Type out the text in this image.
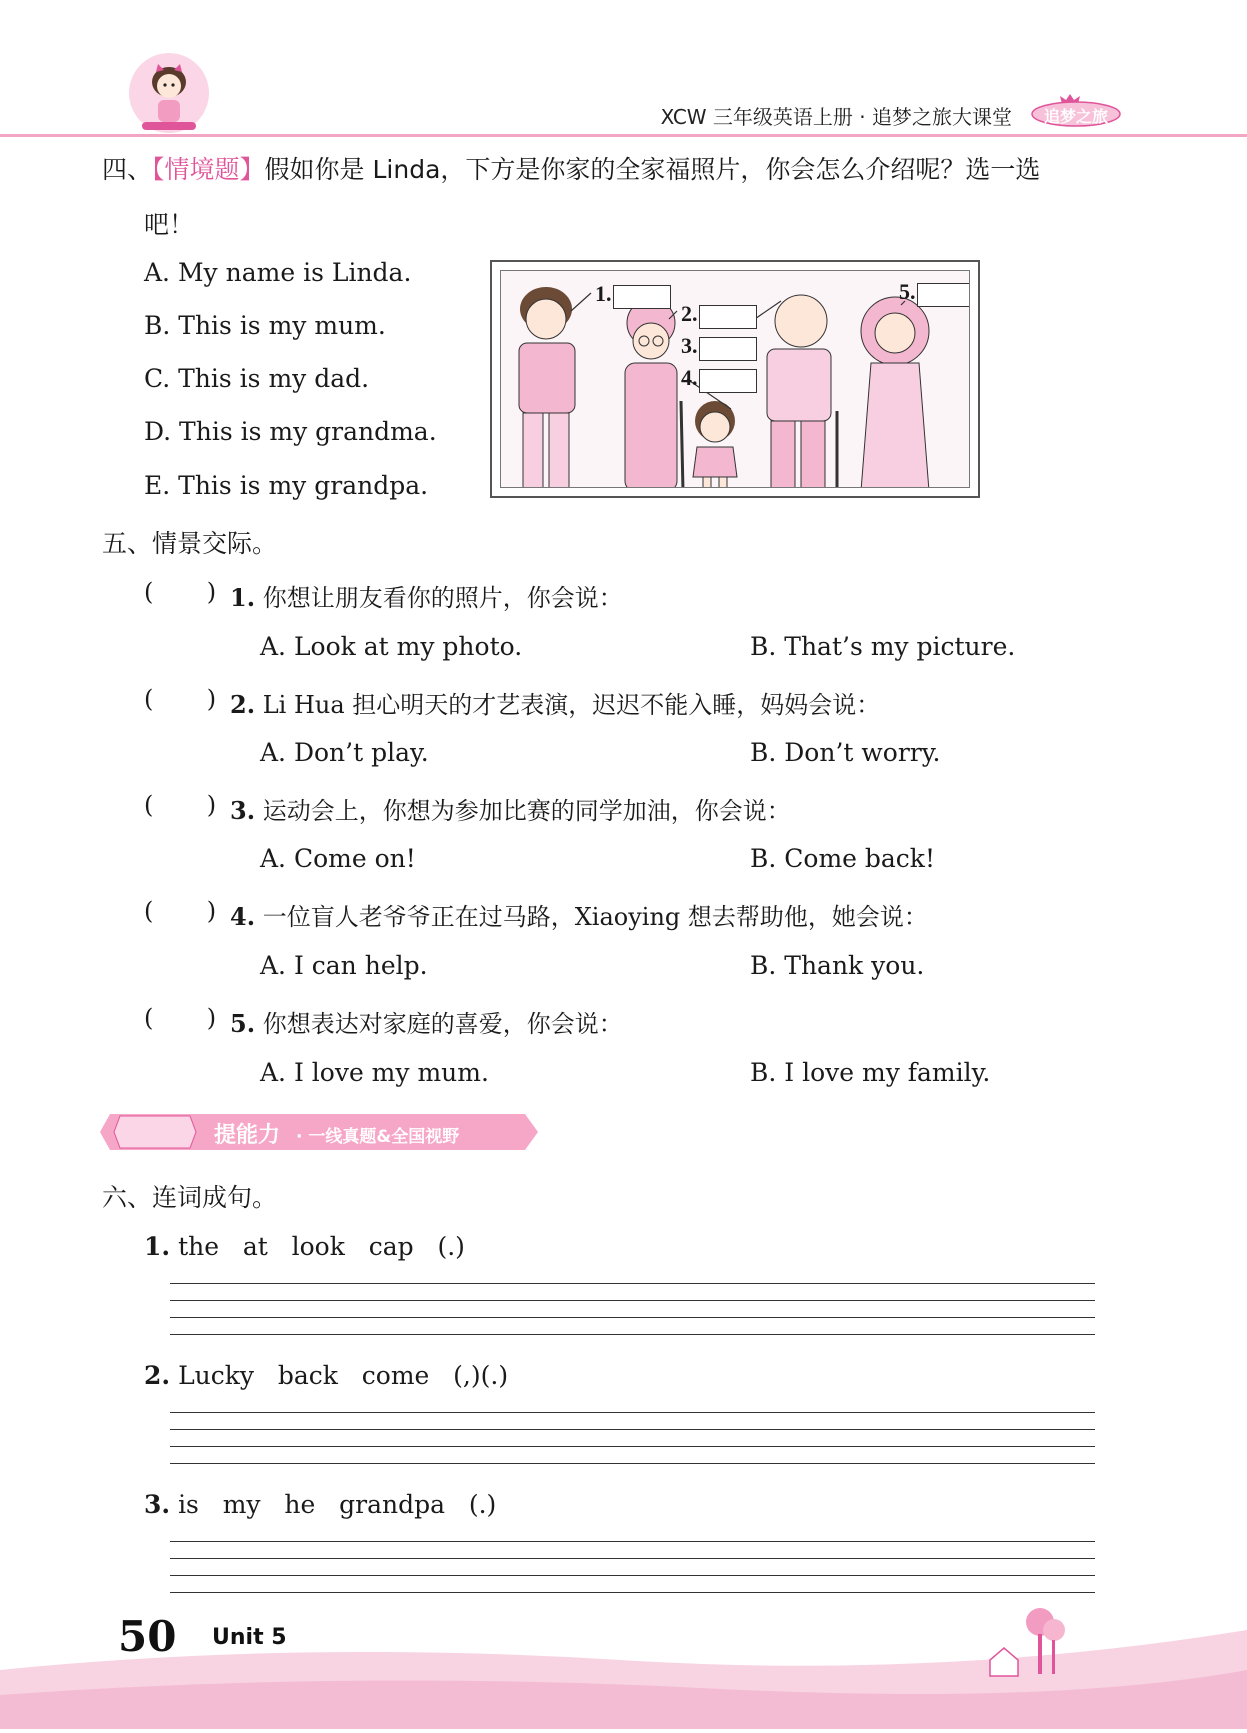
XCW 三年级英语上册 · 追梦之旅大课堂 追梦之旅
四、【情境题】假如你是 Linda，下方是你家的全家福照片，你会怎么介绍呢？选一选
吧！
A. My name is Linda.
B. This is my mum.
C. This is my dad.
D. This is my grandma.
E. This is my grandpa.
1.
2.
3.
4.
5.
五、情景交际。
(       ) 1. 你想让朋友看你的照片，你会说：
A. Look at my photo.	B. That’s my picture.
(       ) 2. Li Hua 担心明天的才艺表演，迟迟不能入睡，妈妈会说：
A. Don’t play.	B. Don’t worry.
(       ) 3. 运动会上，你想为参加比赛的同学加油，你会说：
A. Come on!	B. Come back!
(       ) 4. 一位盲人老爷爷正在过马路，Xiaoying 想去帮助他，她会说：
A. I can help.	B. Thank you.
(       ) 5. 你想表达对家庭的喜爱，你会说：
A. I love my mum.	B. I love my family.
提能力 · 一线真题&全国视野
六、连词成句。
1. the   at   look   cap   (.)
2. Lucky   back   come   (,)(.)
3. is   my   he   grandpa   (.)
50 Unit 5
